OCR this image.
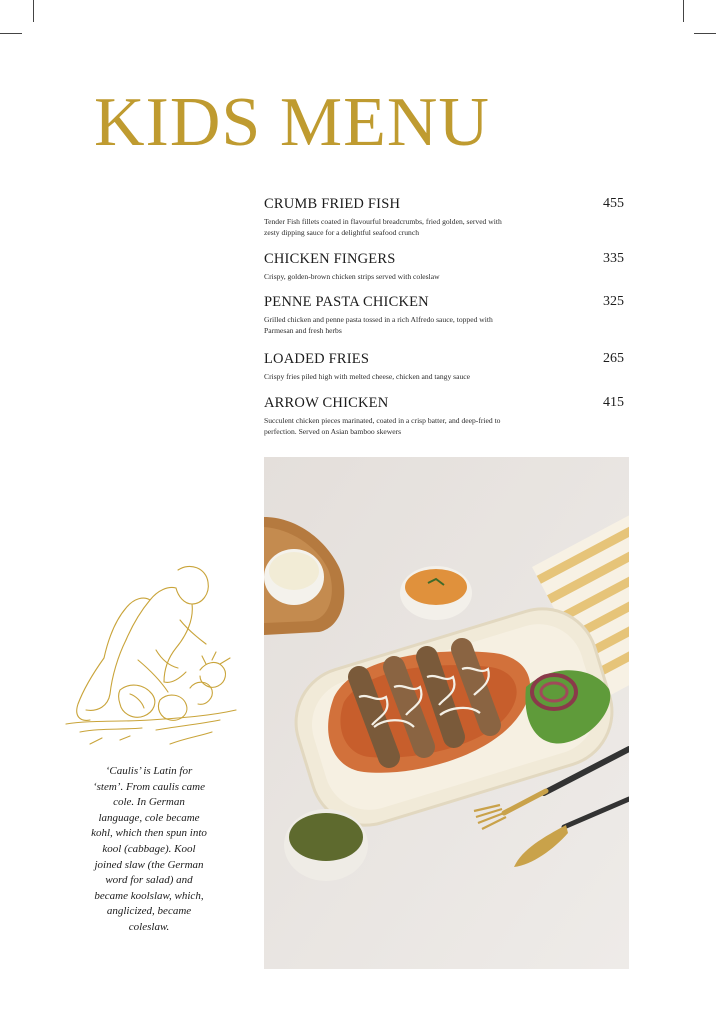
KIDS MENU
CRUMB FRIED FISH	455
Tender Fish fillets coated in flavourful breadcrumbs, fried golden, served with zesty dipping sauce for a delightful seafood crunch
CHICKEN FINGERS	335
Crispy, golden-brown chicken strips served with coleslaw
PENNE PASTA CHICKEN	325
Grilled chicken and penne pasta tossed in a rich Alfredo sauce, topped with Parmesan and fresh herbs
LOADED FRIES	265
Crispy fries piled high with melted cheese, chicken and tangy sauce
ARROW CHICKEN	415
Succulent chicken pieces marinated, coated in a crisp batter, and deep-fried to perfection. Served on Asian bamboo skewers
‘Caulis’ is Latin for ‘stem’. From caulis came cole. In German language, cole became kohl, which then spun into kool (cabbage). Kool joined slaw (the German word for salad) and became koolslaw, which, anglicized, became coleslaw.
